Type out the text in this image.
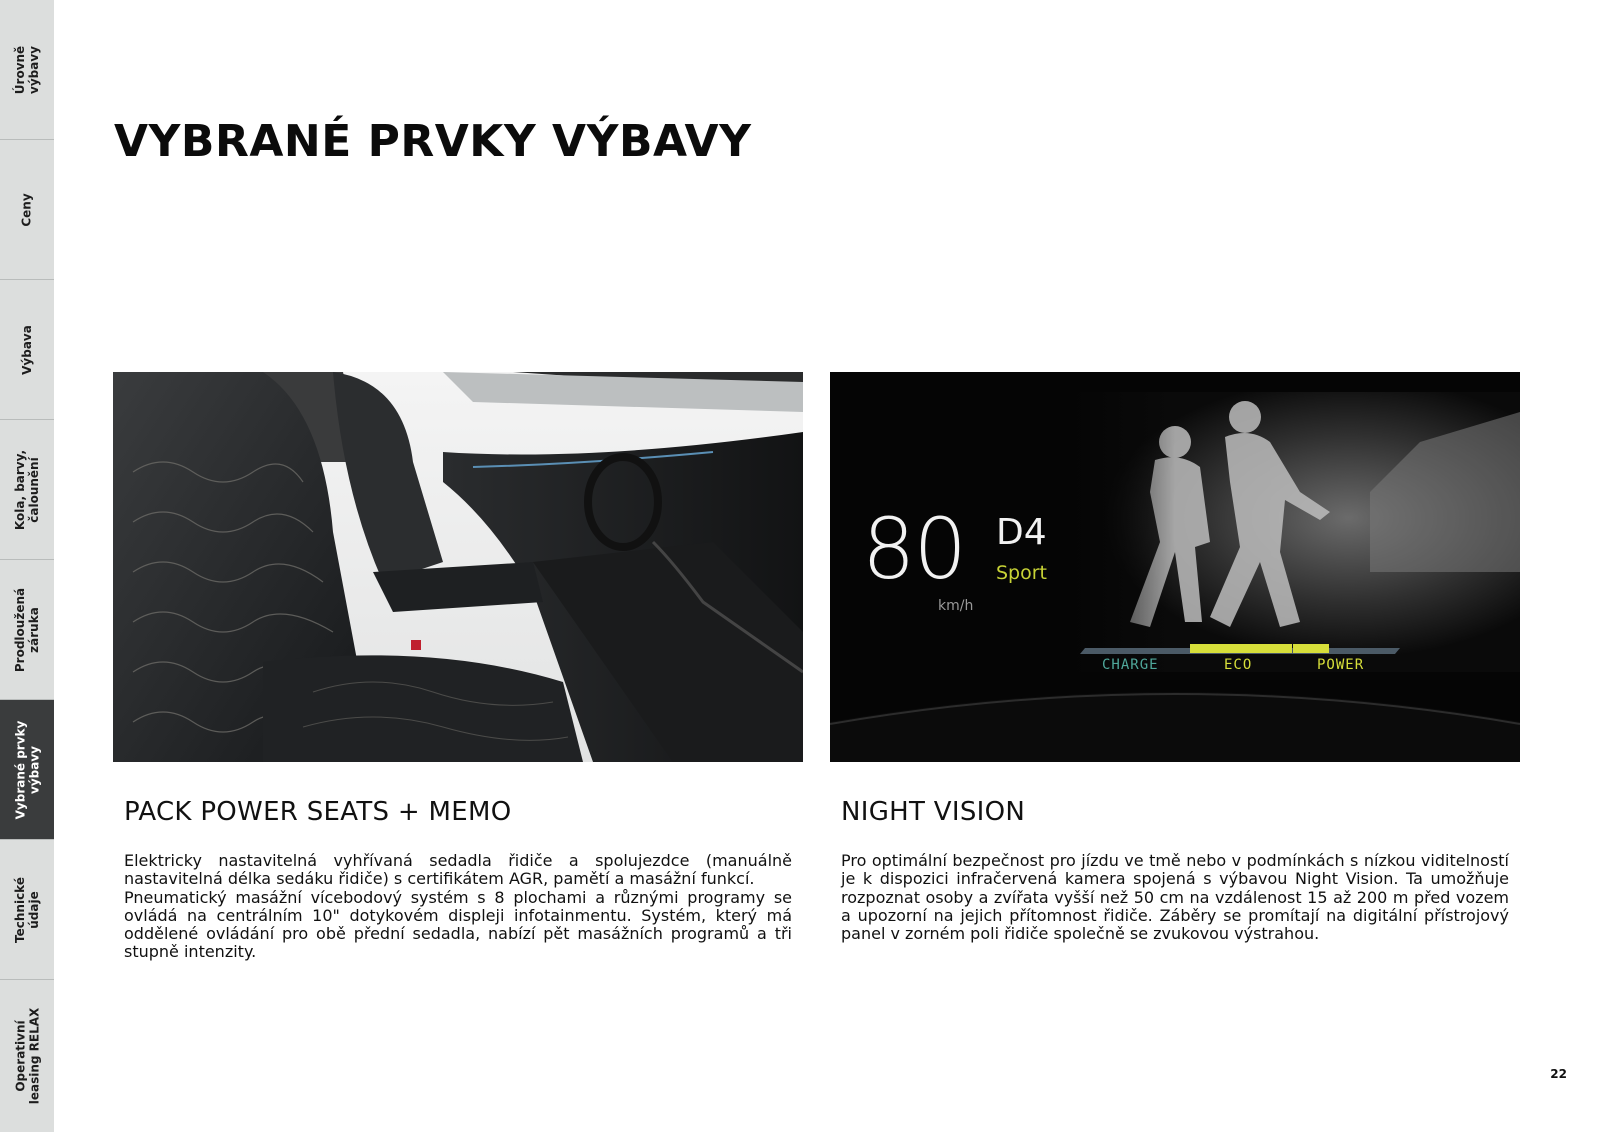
Úrovně
výbavy
Ceny
Výbava
Kola, barvy,
čalounění
Prodloužená
záruka
Vybrané prvky
výbavy
Technické
údaje
Operativní
leasing RELAX
VYBRANÉ PRVKY VÝBAVY
80 D4
Sport
km/h
CHARGE	ECO	POWER
PACK POWER SEATS + MEMO

Elektricky nastavitelná vyhřívaná sedadla řidiče a spolujezdce (manuálně nastavitelná délka sedáku řidiče) s certifikátem AGR, pamětí a masážní funkcí.

Pneumatický masážní vícebodový systém s 8 plochami a různými programy se ovládá na centrálním 10" dotykovém displeji infotainmentu. Systém, který má oddělené ovládání pro obě přední sedadla, nabízí pět masážních programů a tři stupně intenzity.

NIGHT VISION

Pro optimální bezpečnost pro jízdu ve tmě nebo v podmínkách s nízkou viditelností je k dispozici infračervená kamera spojená s výbavou Night Vision. Ta umožňuje rozpoznat osoby a zvířata vyšší než 50 cm na vzdálenost 15 až 200 m před vozem a upozorní na jejich přítomnost řidiče. Záběry se promítají na digitální přístrojový panel v zorném poli řidiče společně se zvukovou výstrahou.

22
